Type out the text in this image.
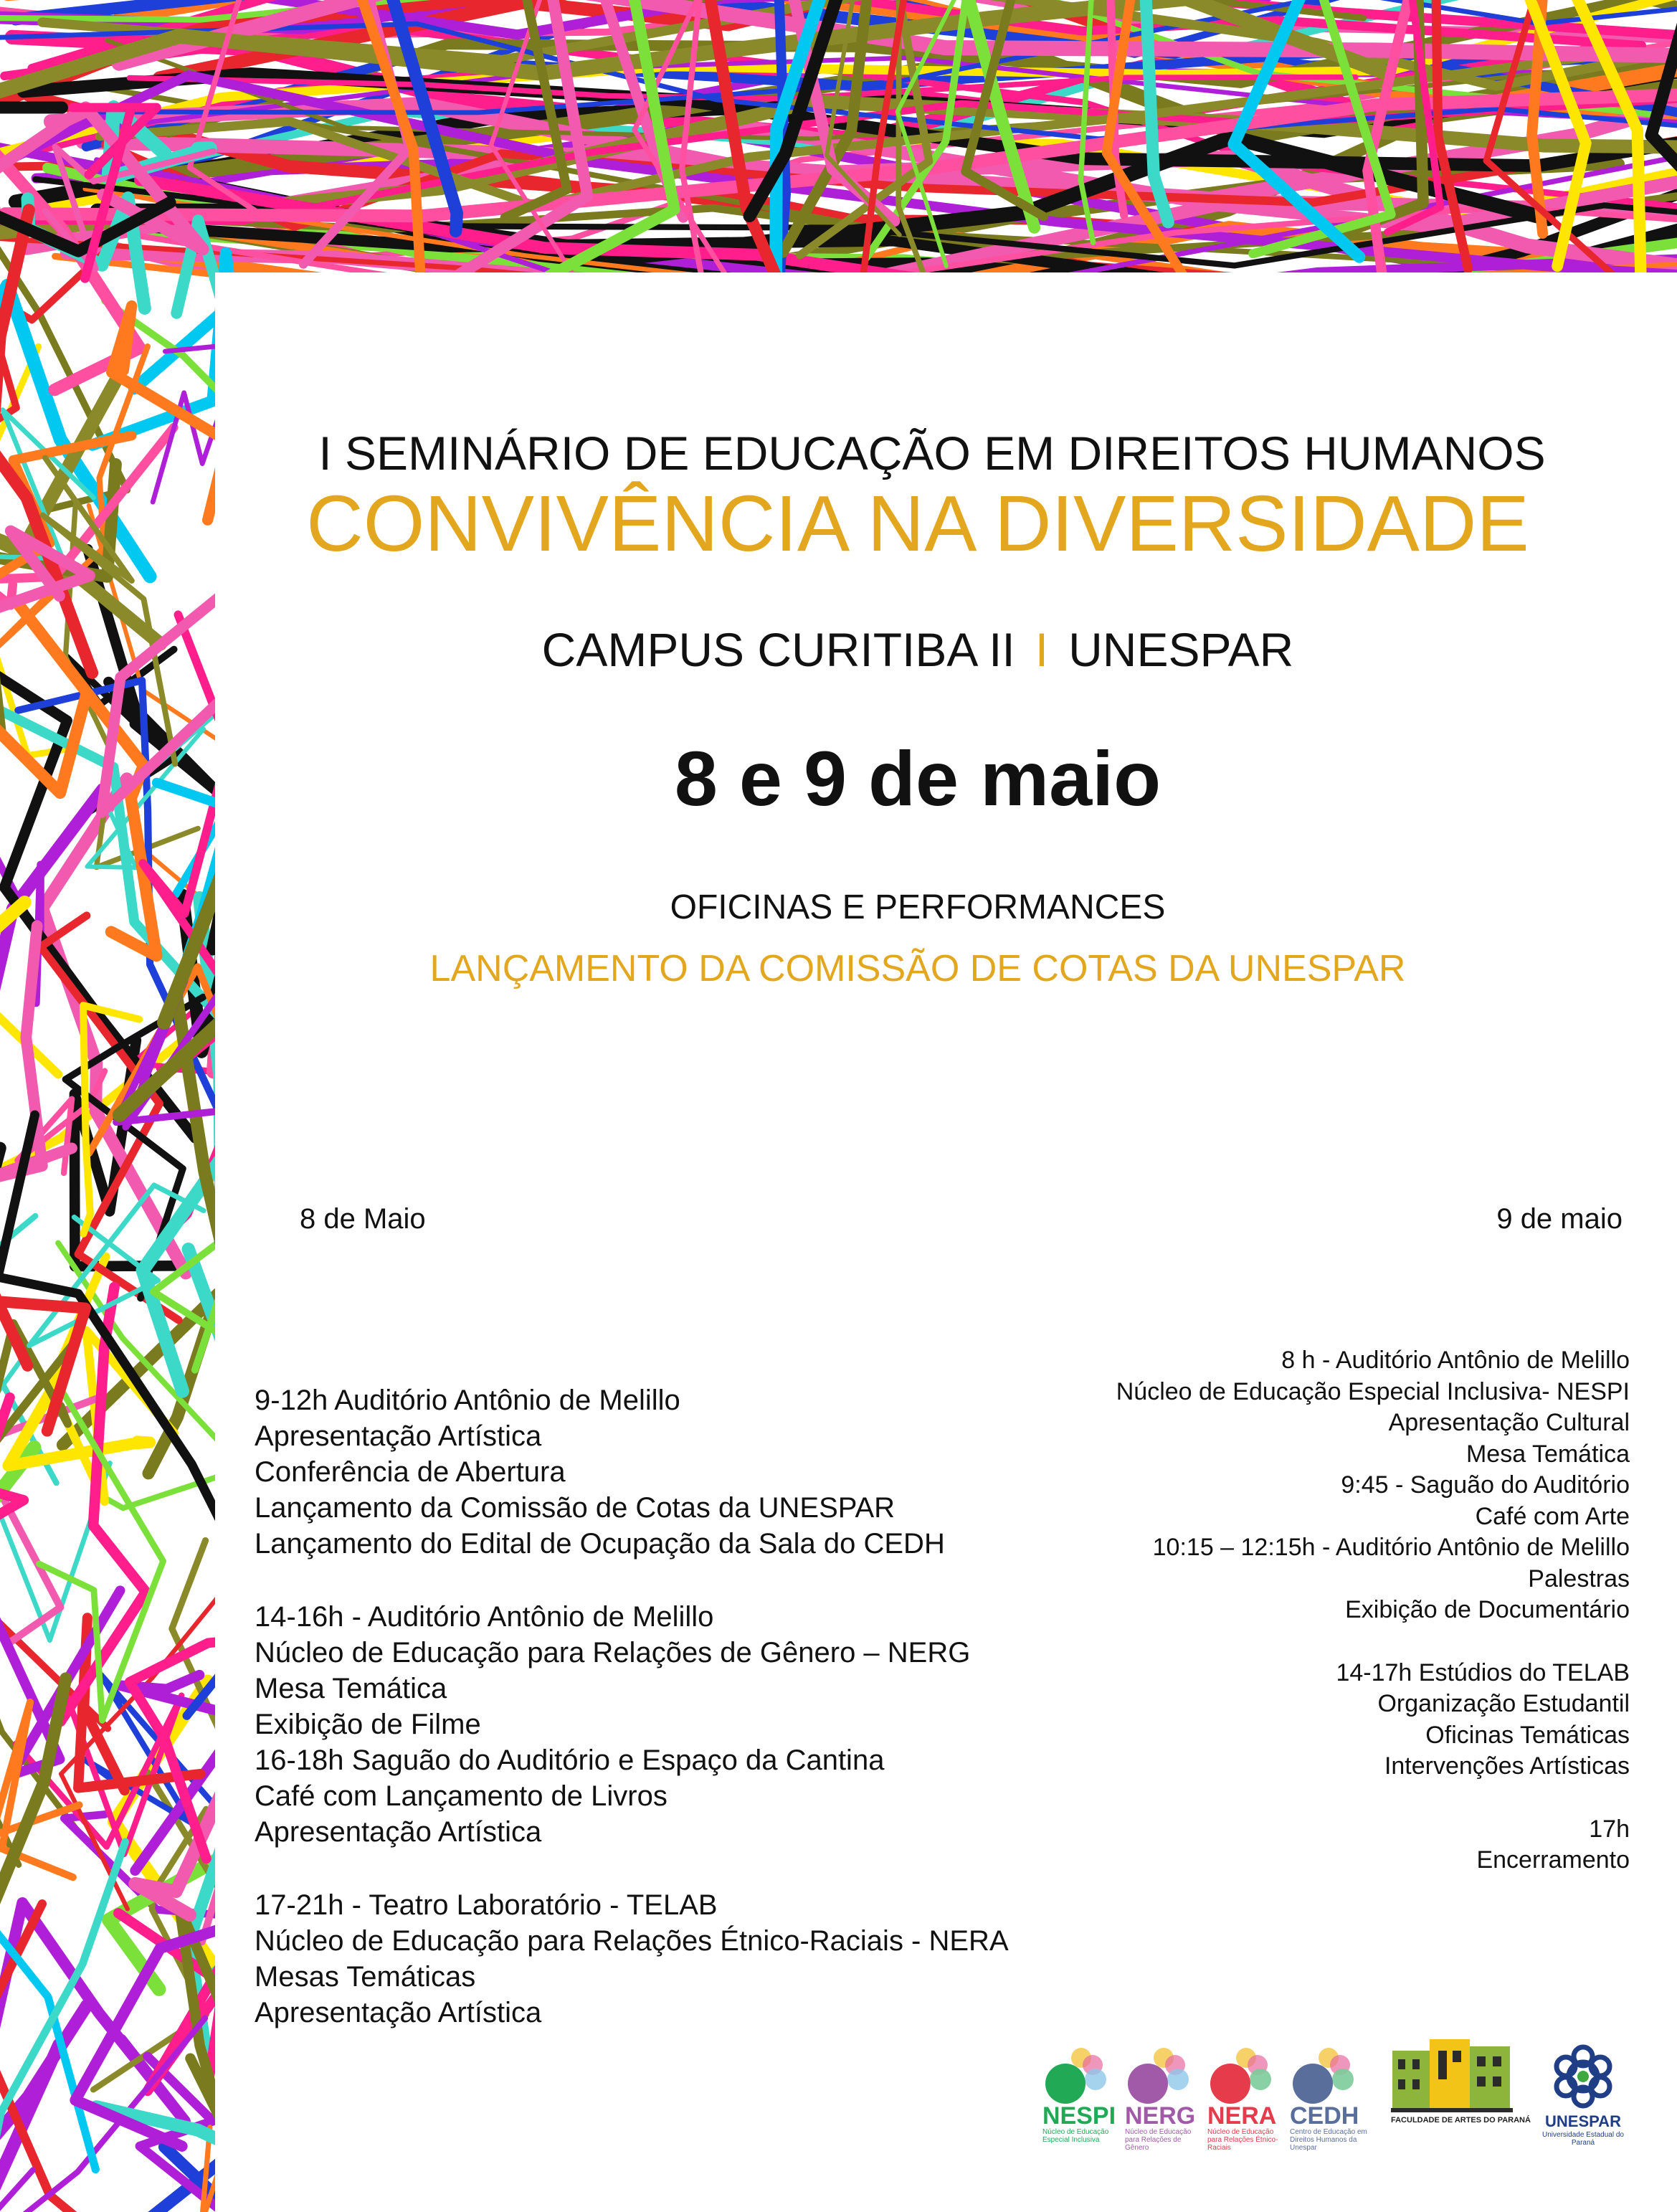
I SEMINÁRIO DE EDUCAÇÃO EM DIREITOS HUMANOS
CONVIVÊNCIA NA DIVERSIDADE
CAMPUS CURITIBA II I UNESPAR
8 e 9 de maio
OFICINAS E PERFORMANCES
LANÇAMENTO DA COMISSÃO DE COTAS DA UNESPAR
8 de Maio	9 de maio
9-12h Auditório Antônio de Melillo
Apresentação Artística
Conferência de Abertura
Lançamento da Comissão de Cotas da UNESPAR
Lançamento do Edital de Ocupação da Sala do CEDH
14-16h - Auditório Antônio de Melillo
Núcleo de Educação para Relações de Gênero – NERG
Mesa Temática
Exibição de Filme
16-18h Saguão do Auditório e Espaço da Cantina
Café com Lançamento de Livros
Apresentação Artística
17-21h - Teatro Laboratório - TELAB
Núcleo de Educação para Relações Étnico-Raciais - NERA
Mesas Temáticas
Apresentação Artística
8 h - Auditório Antônio de Melillo
Núcleo de Educação Especial Inclusiva- NESPI
Apresentação Cultural
Mesa Temática
9:45 - Saguão do Auditório
Café com Arte
10:15 – 12:15h - Auditório Antônio de Melillo
Palestras
Exibição de Documentário
14-17h Estúdios do TELAB
Organização Estudantil
Oficinas Temáticas
Intervenções Artísticas
17h
Encerramento
NESPI
Núcleo de Educação Especial Inclusiva
NERG
Núcleo de Educação para Relações de Gênero
NERA
Núcleo de Educação para Relações Étnico-Raciais
CEDH
Centro de Educação em Direitos Humanos da Unespar
FACULDADE DE ARTES DO PARANÁ UNESPAR
Universidade Estadual do Paraná
